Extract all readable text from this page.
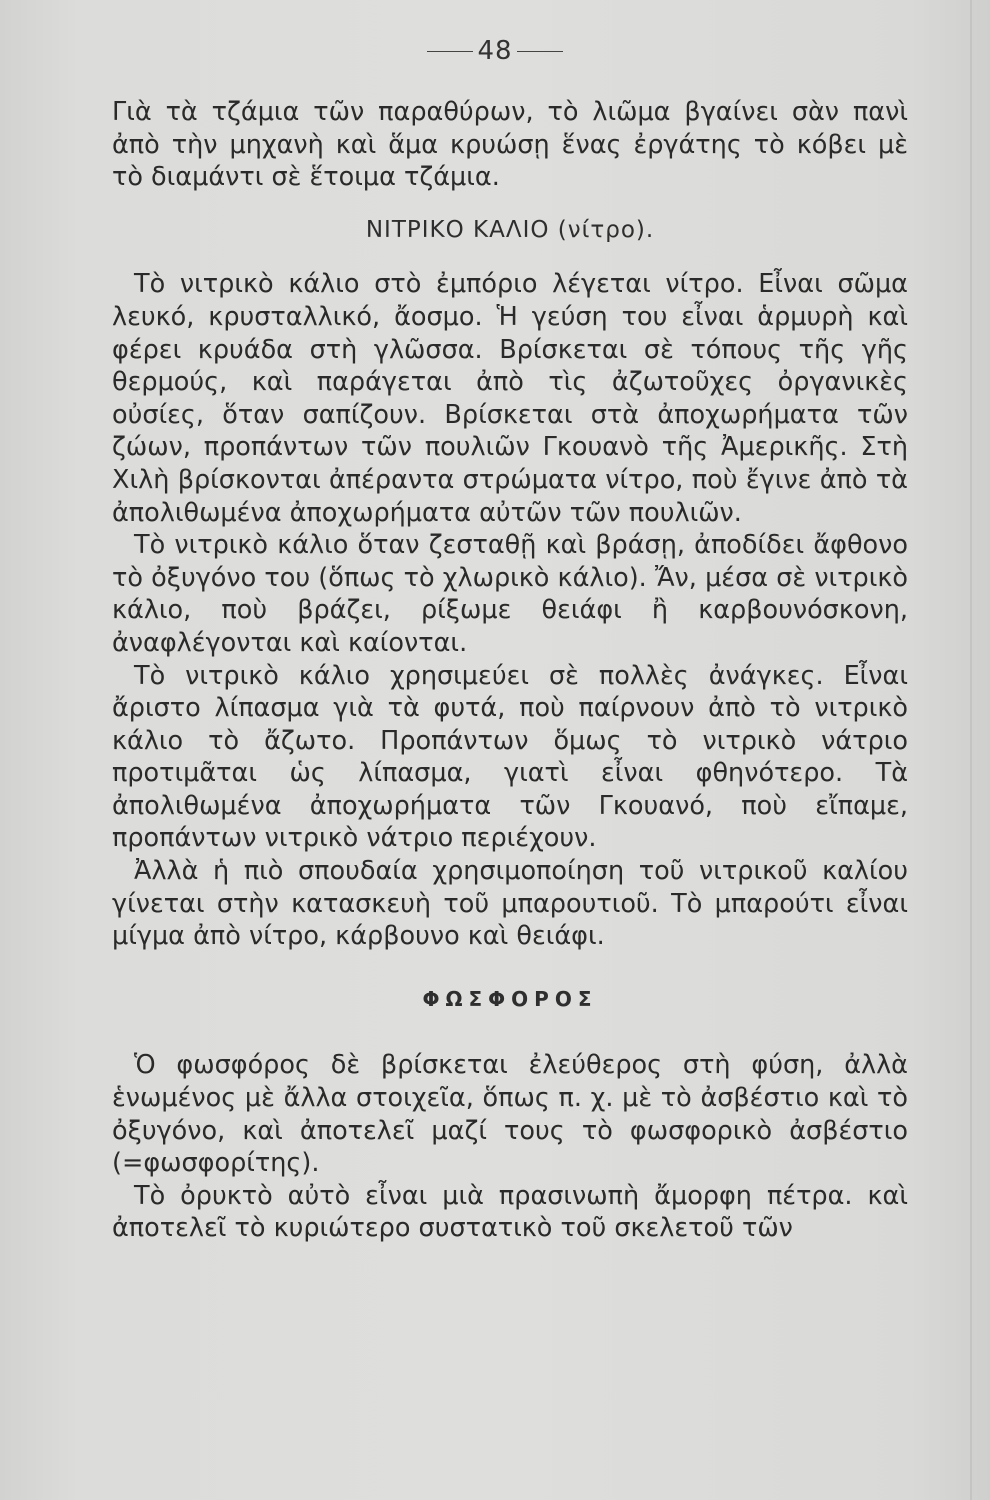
48

Γιὰ τὰ τζάμια τῶν παραθύρων, τὸ λιῶμα βγαίνει σὰν πανὶ ἀπὸ τὴν μηχανὴ καὶ ἅμα κρυώσῃ ἕνας ἐργάτης τὸ κόβει μὲ τὸ διαμάντι σὲ ἕτοιμα τζάμια.

ΝΙΤΡΙΚΟ ΚΑΛΙΟ (νίτρο).

Τὸ νιτρικὸ κάλιο στὸ ἐμπόριο λέγεται νίτρο. Εἶναι σῶμα λευκό, κρυσταλλικό, ἄοσμο. Ἡ γεύση του εἶναι ἁρμυρὴ καὶ φέρει κρυάδα στὴ γλῶσσα. Βρίσκεται σὲ τόπους τῆς γῆς θερμούς, καὶ παράγεται ἀπὸ τὶς ἀζωτοῦχες ὀργανικὲς οὐσίες, ὅταν σαπίζουν. Βρίσκεται στὰ ἀποχωρήματα τῶν ζώων, προπάντων τῶν πουλιῶν Γκουανὸ τῆς Ἀμερικῆς. Στὴ Χιλὴ βρίσκονται ἀπέραντα στρώματα νίτρο, ποὺ ἔγινε ἀπὸ τὰ ἀπολιθωμένα ἀποχωρήματα αὐτῶν τῶν πουλιῶν.

Τὸ νιτρικὸ κάλιο ὅταν ζεσταθῇ καὶ βράσῃ, ἀποδίδει ἄφθονο τὸ ὀξυγόνο του (ὅπως τὸ χλωρικὸ κάλιο). Ἄν, μέσα σὲ νιτρικὸ κάλιο, ποὺ βράζει, ρίξωμε θειάφι ἢ καρβουνόσκονη, ἀναφλέγονται καὶ καίονται.

Τὸ νιτρικὸ κάλιο χρησιμεύει σὲ πολλὲς ἀνάγκες. Εἶναι ἄριστο λίπασμα γιὰ τὰ φυτά, ποὺ παίρνουν ἀπὸ τὸ νιτρικὸ κάλιο τὸ ἄζωτο. Προπάντων ὅμως τὸ νιτρικὸ νάτριο προτιμᾶται ὡς λίπασμα, γιατὶ εἶναι φθηνότερο. Τὰ ἀπολιθωμένα ἀποχωρήματα τῶν Γκουανό, ποὺ εἴπαμε, προπάντων νιτρικὸ νάτριο περιέχουν.

Ἀλλὰ ἡ πιὸ σπουδαία χρησιμοποίηση τοῦ νιτρικοῦ καλίου γίνεται στὴν κατασκευὴ τοῦ μπαρουτιοῦ. Τὸ μπαρούτι εἶναι μίγμα ἀπὸ νίτρο, κάρβουνο καὶ θειάφι.

ΦΩΣΦΟΡΟΣ

Ὁ φωσφόρος δὲ βρίσκεται ἐλεύθερος στὴ φύση, ἀλλὰ ἑνωμένος μὲ ἄλλα στοιχεῖα, ὅπως π. χ. μὲ τὸ ἀσβέστιο καὶ τὸ ὀξυγόνο, καὶ ἀποτελεῖ μαζί τους τὸ φωσφορικὸ ἀσβέστιο (=φωσφορίτης).

Τὸ ὀρυκτὸ αὐτὸ εἶναι μιὰ πρασινωπὴ ἄμορφη πέτρα. καὶ ἀποτελεῖ τὸ κυριώτερο συστατικὸ τοῦ σκελετοῦ τῶν
